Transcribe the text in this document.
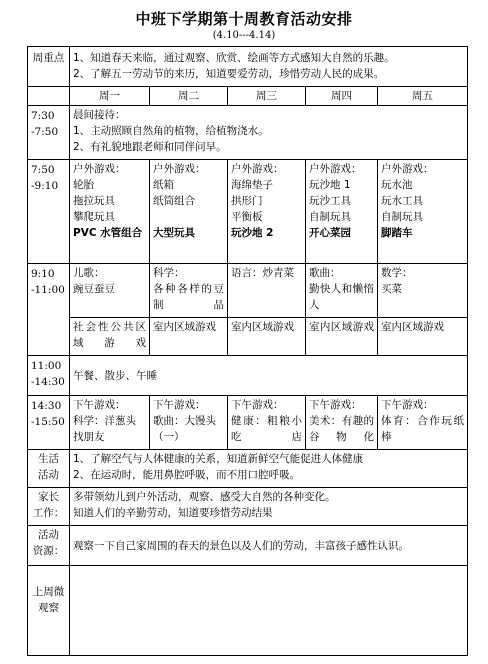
中班下学期第十周教育活动安排
(4.10---4.14)
周重点	1、知道春天来临，通过观察、欣赏、绘画等方式感知大自然的乐趣。
2、了解五一劳动节的来历，知道要爱劳动，珍惜劳动人民的成果。				

	周一	周二	周三	周四	周五

7:30
-7:50	晨间接待：
1、主动照顾自然角的植物，给植物浇水。
2、有礼貌地跟老师和同伴问早。				

7:50
-9:10	户外游戏：
轮胎
拖拉玩具
攀爬玩具
PVC 水管组合	户外游戏：
纸箱
纸筒组合

大型玩具	户外游戏：
海绵垫子
拱形门
平衡板
玩沙地 2	户外游戏：
玩沙地 1
玩沙工具
自制玩具
开心菜园	户外游戏：
玩水池
玩水工具
自制玩具
脚踏车

9:10
-11:00	儿歌：
豌豆蚕豆	科学：
各种各样的豆制品	语言：炒青菜	歌曲：
勤快人和懒惰人	数学：
买菜

	社会性公共区域游戏	室内区域游戏	室内区域游戏	室内区域游戏	室内区域游戏

11:00
-14:30	午餐、散步、午睡				

14:30
-15:50	下午游戏：
科学：洋葱头找朋友	下午游戏：
歌曲：大馒头（一）	下午游戏：
健康：粗粮小吃店	下午游戏：
美术：有趣的谷物化	下午游戏：
体育：合作玩纸棒

生活
活动	1、了解空气与人体健康的关系，知道新鲜空气能促进人体健康
2、在运动时，能用鼻腔呼吸，而不用口腔呼吸。				

家长
工作：	多带领幼儿到户外活动，观察、感受大自然的各种变化。
知道人们的辛勤劳动，知道要珍惜劳动结果				

活动
资源：	观察一下自己家周围的春天的景色以及人们的劳动，丰富孩子感性认识。				

上周微
观察					
